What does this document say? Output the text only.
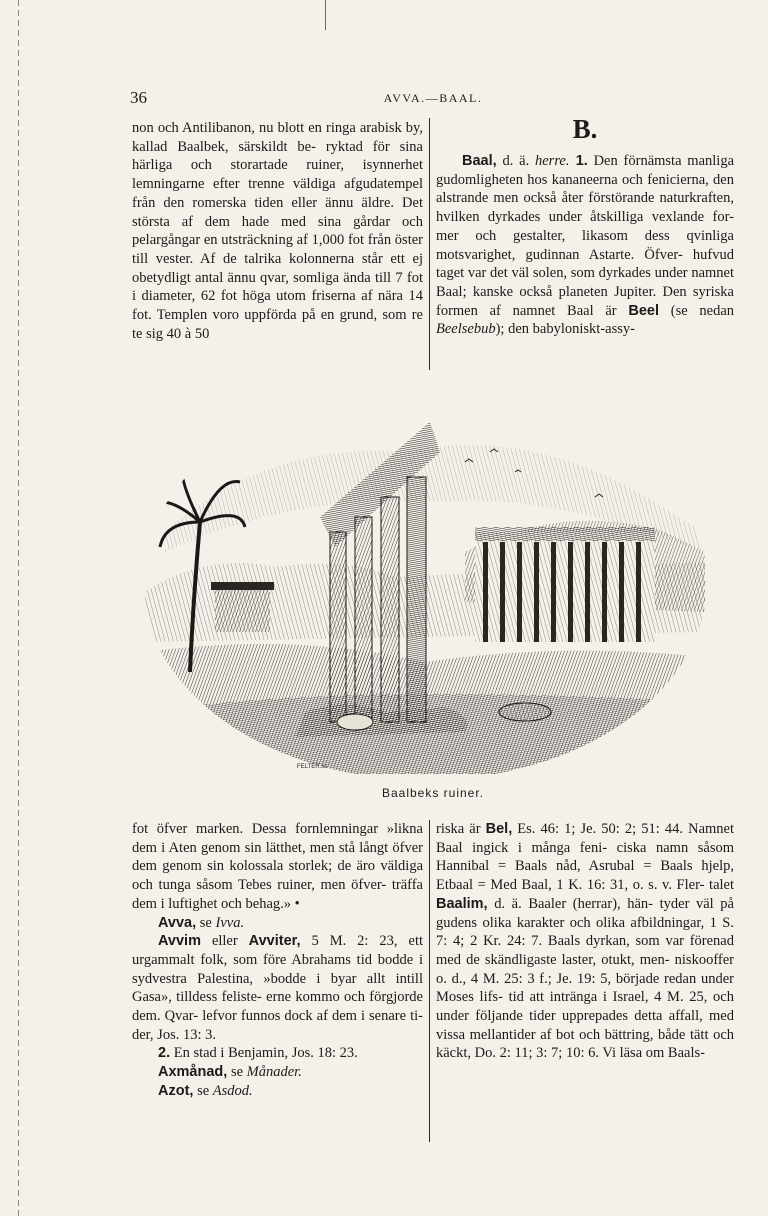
36	AVVA.—BAAL.

non och Antilibanon, nu blott en ringa arabisk by, kallad Baalbek, särskildt be- ryktad för sina härliga och storartade ruiner, isynnerhet lemningarne efter trenne väldiga afgudatempel från den romerska tiden eller ännu äldre. Det största af dem hade med sina gårdar och pelargångar en utsträckning af 1,000 fot från öster till vester. Af de talrika kolonnerna står ett ej obetydligt antal ännu qvar, somliga ända till 7 fot i diameter, 62 fot höga utom friserna af nära 14 fot. Templen voro uppförda på en grund, som re te sig 40 à 50

B.

Baal, d. ä. herre. 1. Den förnämsta manliga gudomligheten hos kananeerna och fenicierna, den alstrande men också åter förstörande naturkraften, hvilken dyrkades under åtskilliga vexlande for- mer och gestalter, likasom dess qvinliga motsvarighet, gudinnan Astarte. Öfver- hufvud taget var det väl solen, som dyrkades under namnet Baal; kanske också planeten Jupiter. Den syriska formen af namnet Baal är Beel (se nedan Beelsebub); den babyloniskt-assy-

FELTER.sc
Baalbeks ruiner.

fot öfver marken. Dessa fornlemningar »likna dem i Aten genom sin lätthet, men stå långt öfver dem genom sin kolossala storlek; de äro väldiga och tunga såsom Tebes ruiner, men öfver- träffa dem i luftighet och behag.» •

Avva, se Ivva.

Avvim eller Avviter, 5 M. 2: 23, ett urgammalt folk, som före Abrahams tid bodde i sydvestra Palestina, »bodde i byar allt intill Gasa», tilldess feliste- erne kommo och förgjorde dem. Qvar- lefvor funnos dock af dem i senare ti- der, Jos. 13: 3.

2. En stad i Benjamin, Jos. 18: 23.

Axmånad, se Månader.

Azot, se Asdod.

riska är Bel, Es. 46: 1; Je. 50: 2; 51: 44. Namnet Baal ingick i många feni- ciska namn såsom Hannibal = Baals nåd, Asrubal = Baals hjelp, Etbaal = Med Baal, 1 K. 16: 31, o. s. v. Fler- talet Baalim, d. ä. Baaler (herrar), hän- tyder väl på gudens olika karakter och olika afbildningar, 1 S. 7: 4; 2 Kr. 24: 7. Baals dyrkan, som var förenad med de skändligaste laster, otukt, men- niskooffer o. d., 4 M. 25: 3 f.; Je. 19: 5, började redan under Moses lifs- tid att intränga i Israel, 4 M. 25, och under följande tider upprepades detta affall, med vissa mellantider af bot och bättring, både tätt och käckt, Do. 2: 11; 3: 7; 10: 6. Vi läsa om Baals-
